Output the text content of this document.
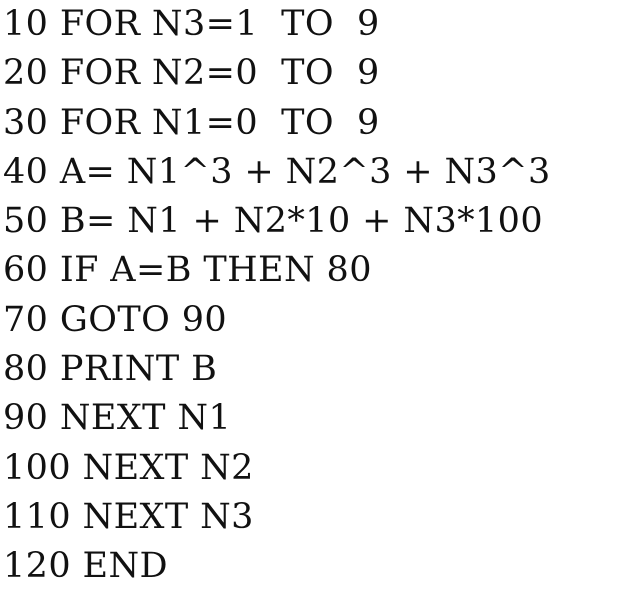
10 FOR N3=1  TO  9
20 FOR N2=0  TO  9
30 FOR N1=0  TO  9
40 A= N1^3 + N2^3 + N3^3
50 B= N1 + N2*10 + N3*100
60 IF A=B THEN 80
70 GOTO 90
80 PRINT B
90 NEXT N1
100 NEXT N2
110 NEXT N3
120 END
